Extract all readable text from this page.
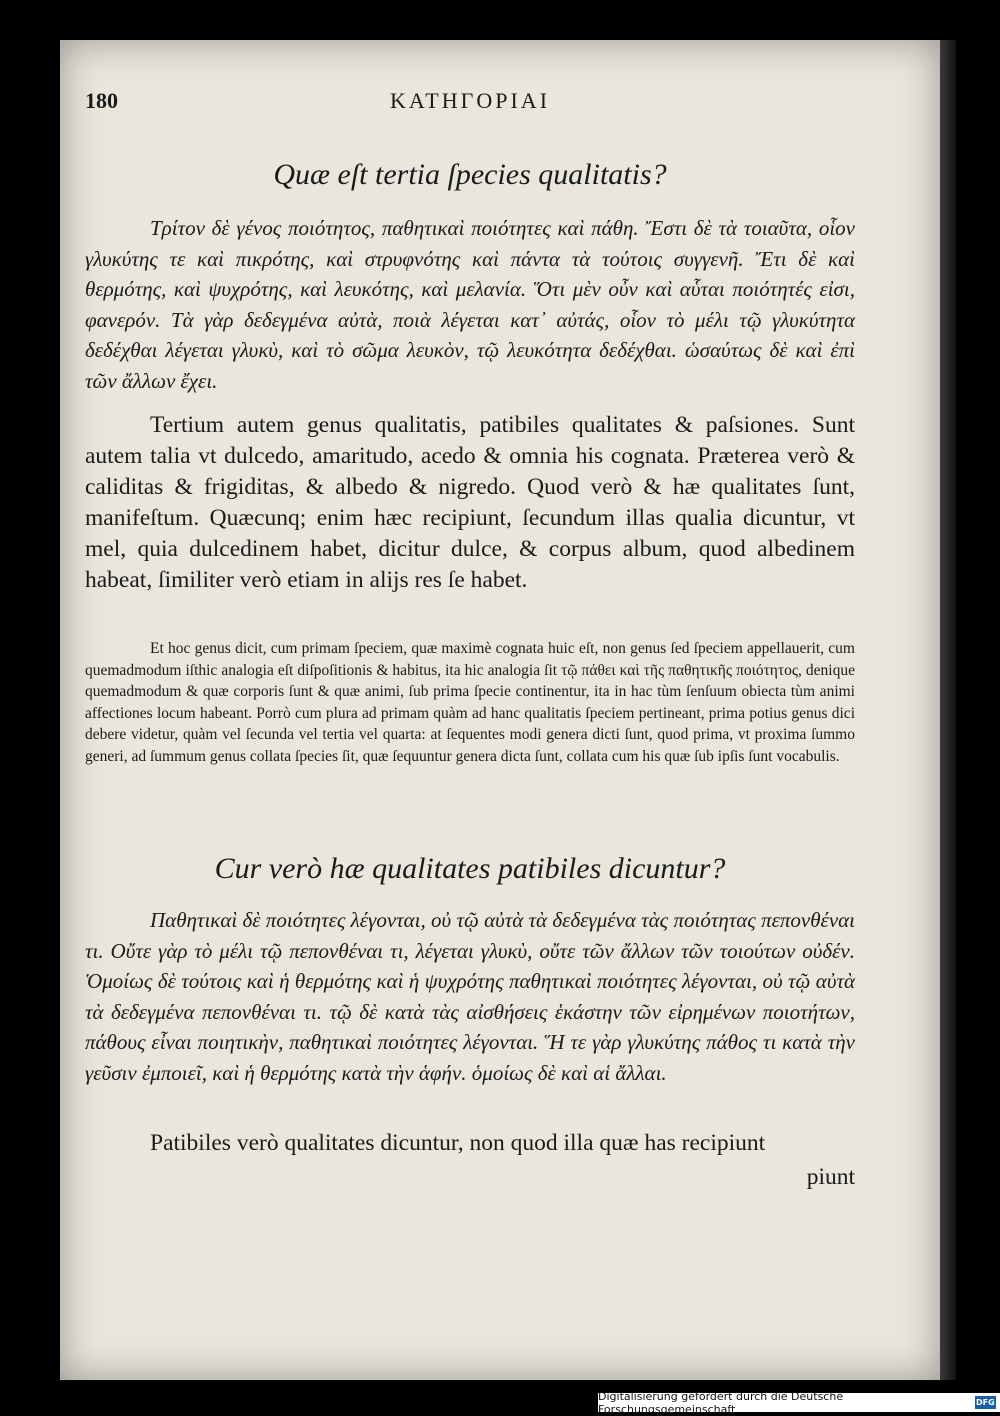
180	ΚΑΤΗΓΟΡΙΑΙ
Quæ eſt tertia ſpecies qualitatis?
Τρίτον δὲ γένος ποιότητος, παθητικαὶ ποιότητες καὶ πάθη. Ἔστι δὲ τὰ τοιαῦτα, οἷον γλυκύτης τε καὶ πικρότης, καὶ στρυφνότης καὶ πάντα τὰ τούτοις συγγενῆ. Ἔτι δὲ καὶ θερμότης, καὶ ψυχρότης, καὶ λευκότης, καὶ μελανία. Ὅτι μὲν οὖν καὶ αὗται ποιότητές εἰσι, φανερόν. Τὰ γὰρ δεδεγμένα αὐτὰ, ποιὰ λέγεται κατ᾽ αὐτάς, οἷον τὸ μέλι τῷ γλυκύτητα δεδέχθαι λέγεται γλυκὺ, καὶ τὸ σῶμα λευκὸν, τῷ λευκότητα δεδέχθαι. ὡσαύτως δὲ καὶ ἐπὶ τῶν ἄλλων ἔχει.
Tertium autem genus qualitatis, patibiles qualitates & paſsiones. Sunt autem talia vt dulcedo, amaritudo, acedo & omnia his cognata. Præterea verò & caliditas & frigiditas, & albedo & nigredo. Quod verò & hæ qualitates ſunt, manifeſtum. Quæcunq; enim hæc recipiunt, ſecundum illas qualia dicuntur, vt mel, quia dulcedinem habet, dicitur dulce, & corpus album, quod albedinem habeat, ſimiliter verò etiam in alijs res ſe habet.
Et hoc genus dicit, cum primam ſpeciem, quæ maximè cognata huic eſt, non genus ſed ſpeciem appellauerit, cum quemadmodum iſthic analogia eſt diſpoſitionis & habitus, ita hic analogia ſit τῷ πάθει καὶ τῆς παθητικῆς ποιότητος, denique quemadmodum & quæ corporis ſunt & quæ animi, ſub prima ſpecie continentur, ita in hac tùm ſenſuum obiecta tùm animi affectiones locum habeant. Porrò cum plura ad primam quàm ad hanc qualitatis ſpeciem pertineant, prima potius genus dici debere videtur, quàm vel ſecunda vel tertia vel quarta: at ſequentes modi genera dicti ſunt, quod prima, vt proxima ſummo generi, ad ſummum genus collata ſpecies ſit, quæ ſequuntur genera dicta ſunt, collata cum his quæ ſub ipſis ſunt vocabulis.
Cur verò hæ qualitates patibiles dicuntur?
Παθητικαὶ δὲ ποιότητες λέγονται, οὐ τῷ αὐτὰ τὰ δεδεγμένα τὰς ποιότητας πεπονθέναι τι. Οὔτε γὰρ τὸ μέλι τῷ πεπονθέναι τι, λέγεται γλυκὺ, οὔτε τῶν ἄλλων τῶν τοιούτων οὐδέν. Ὁμοίως δὲ τούτοις καὶ ἡ θερμότης καὶ ἡ ψυχρότης παθητικαὶ ποιότητες λέγονται, οὐ τῷ αὐτὰ τὰ δεδεγμένα πεπονθέναι τι. τῷ δὲ κατὰ τὰς αἰσθήσεις ἑκάστην τῶν εἰρημένων ποιοτήτων, πάθους εἶναι ποιητικὴν, παθητικαὶ ποιότητες λέγονται. Ἥ τε γὰρ γλυκύτης πάθος τι κατὰ τὴν γεῦσιν ἐμποιεῖ, καὶ ἡ θερμότης κατὰ τὴν ἁφήν. ὁμοίως δὲ καὶ αἱ ἄλλαι.
Patibiles verò qualitates dicuntur, non quod illa quæ has recipiunt
piunt
Digitalisierung gefördert durch die Deutsche Forschungsgemeinschaft	DFG
